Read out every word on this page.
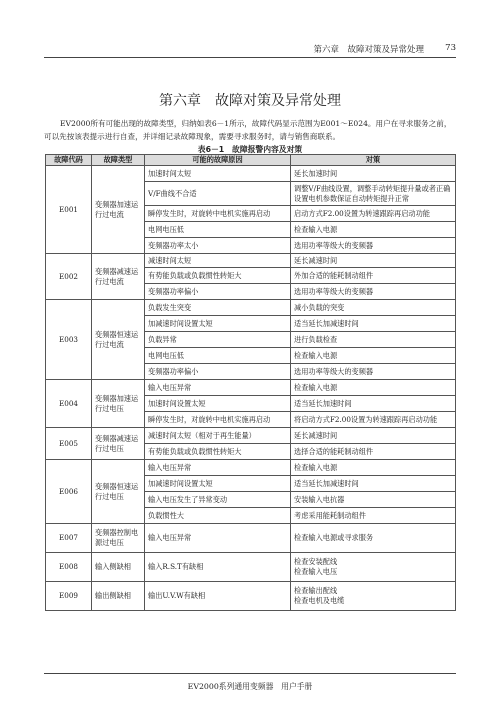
第六章　故障对策及异常处理 73
第六章　故障对策及异常处理
EV2000所有可能出现的故障类型，归纳如表6－1所示，故障代码显示范围为E001～E024。用户在寻求服务之前，可以先按该表提示进行自查，并详细记录故障现象，需要寻求服务时，请与销售商联系。
表6－1　故障报警内容及对策
故障代码	故障类型	可能的故障原因	对策
E001	变频器加速运行过电流	加速时间太短	延长加速时间
		V/F曲线不合适	调整V/F曲线设置，调整手动转矩提升量或者正确设置电机参数保证自动转矩提升正常
		瞬停发生时，对旋转中电机实施再启动	启动方式F2.00设置为转速跟踪再启动功能
		电网电压低	检查输入电源
		变频器功率太小	选用功率等级大的变频器
E002	变频器减速运行过电流	减速时间太短	延长减速时间
		有势能负载或负载惯性转矩大	外加合适的能耗制动组件
		变频器功率偏小	选用功率等级大的变频器
E003	变频器恒速运行过电流	负载发生突变	减小负载的突变
		加减速时间设置太短	适当延长加减速时间
		负载异常	进行负载检查
		电网电压低	检查输入电源
		变频器功率偏小	选用功率等级大的变频器
E004	变频器加速运行过电压	输入电压异常	检查输入电源
		加速时间设置太短	适当延长加速时间
		瞬停发生时，对旋转中电机实施再启动	将启动方式F2.00设置为转速跟踪再启动功能
E005	变频器减速运行过电压	减速时间太短（相对于再生能量）	延长减速时间
		有势能负载或负载惯性转矩大	选择合适的能耗制动组件
E006	变频器恒速运行过电压	输入电压异常	检查输入电源
		加减速时间设置太短	适当延长加减速时间
		输入电压发生了异常变动	安装输入电抗器
		负载惯性大	考虑采用能耗制动组件
E007	变频器控制电源过电压	输入电压异常	检查输入电源或寻求服务
E008	输入侧缺相	输入R.S.T有缺相	检查安装配线
检查输入电压
E009	输出侧缺相	输出U.V.W有缺相	检查输出配线
检查电机及电缆
EV2000系列通用变频器　用户手册
